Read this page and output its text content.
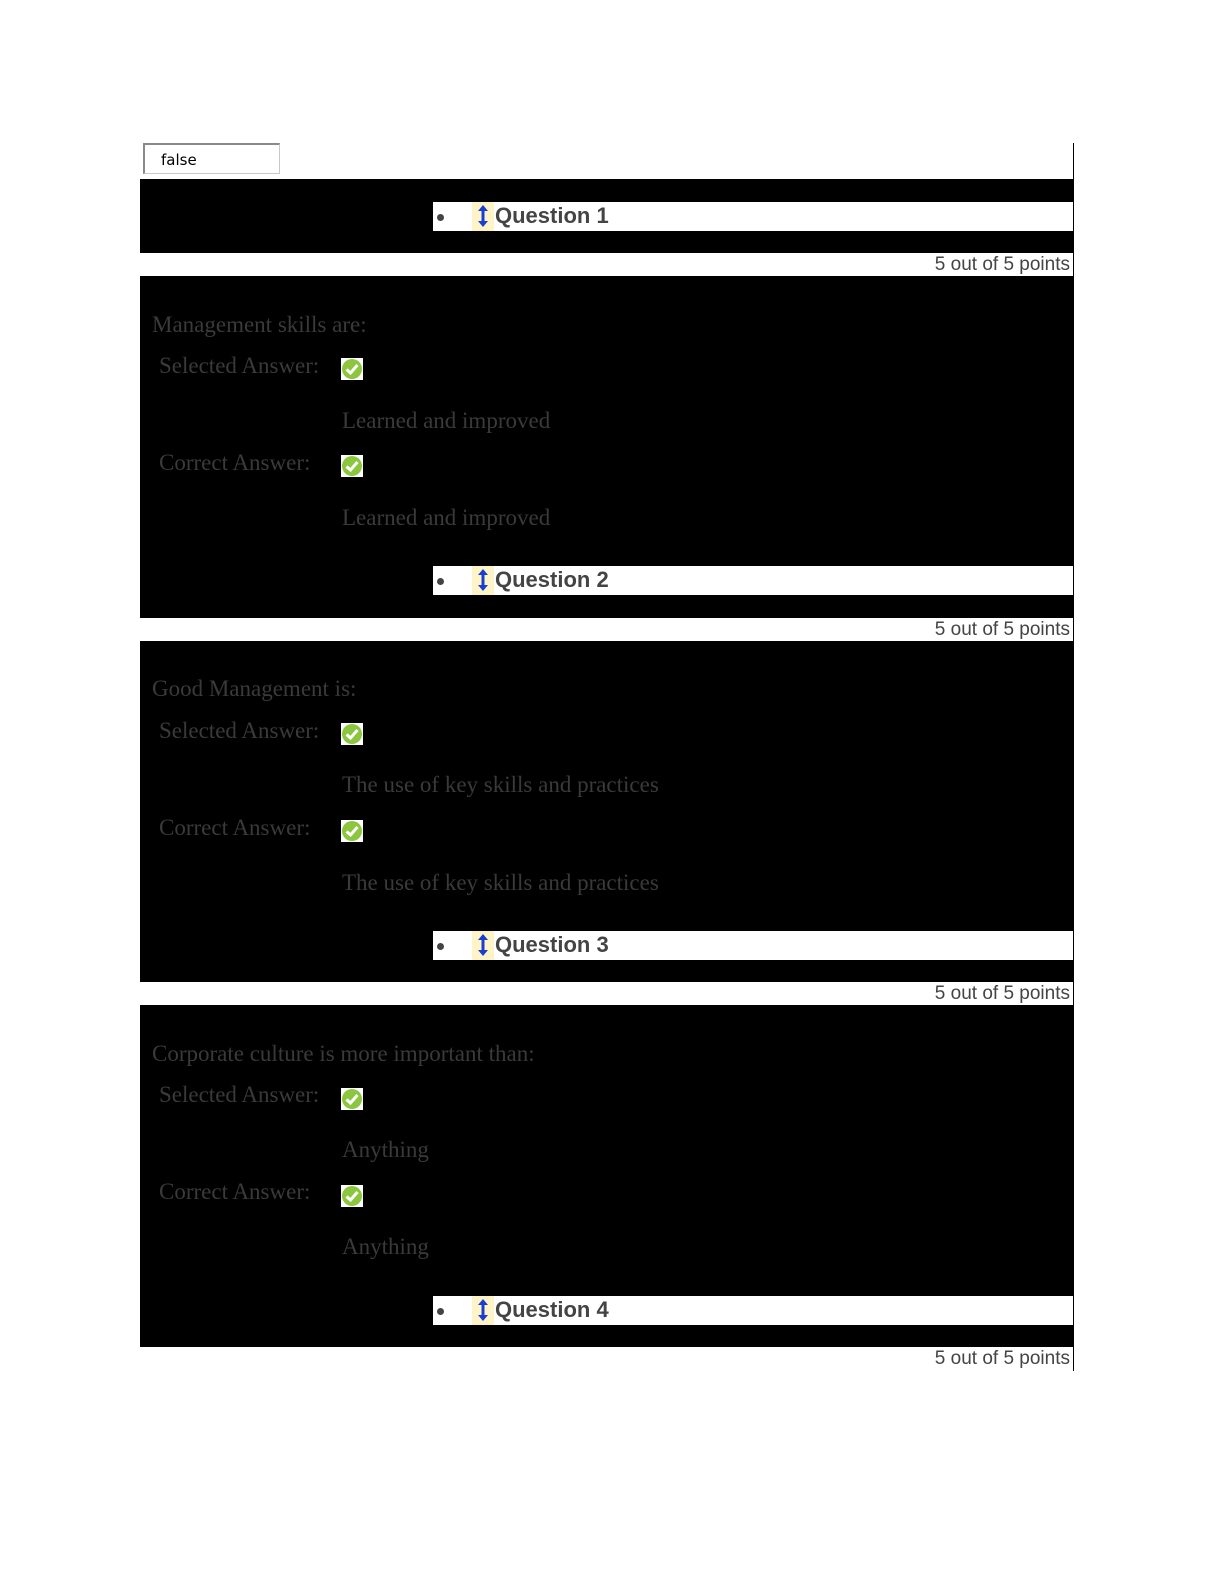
false
Question 1
5 out of 5 points
Management skills are:
Selected Answer:
Learned and improved
Correct Answer:
Learned and improved
Question 2
5 out of 5 points
Good Management is:
Selected Answer:
The use of key skills and practices
Correct Answer:
The use of key skills and practices
Question 3
5 out of 5 points
Corporate culture is more important than:
Selected Answer:
Anything
Correct Answer:
Anything
Question 4
5 out of 5 points
